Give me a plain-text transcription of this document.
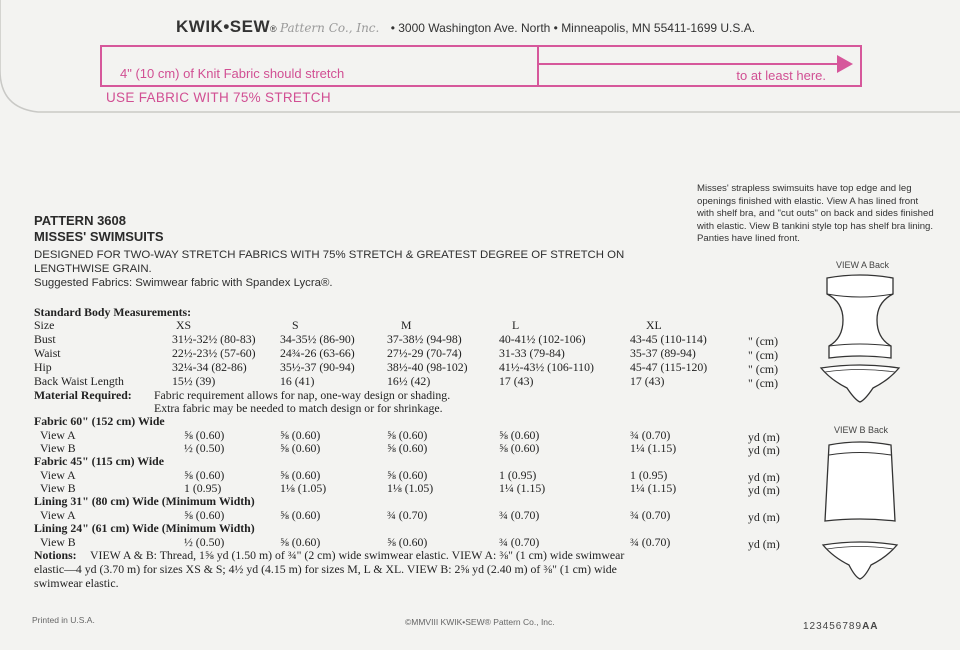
KWIK•SEW® Pattern Co., Inc. • 3000 Washington Ave. North • Minneapolis, MN 55411-1699 U.S.A.
4" (10 cm) of Knit Fabric should stretch	to at least here.
USE FABRIC WITH 75% STRETCH
Misses' strapless swimsuits have top edge and leg openings finished with elastic. View A has lined front with shelf bra, and "cut outs" on back and sides finished with elastic. View B tankini style top has shelf bra lining. Panties have lined front.
PATTERN 3608
MISSES' SWIMSUITS
DESIGNED FOR TWO-WAY STRETCH FABRICS WITH 75% STRETCH & GREATEST DEGREE OF STRETCH ON
LENGTHWISE GRAIN.
Suggested Fabrics: Swimwear fabric with Spandex Lycra®.
Standard Body Measurements:
Size	XS	S	M	L	XL
Bust	31½-32½ (80-83) 34-35½ (86-90)	37-38½ (94-98)	40-41½ (102-106)	43-45 (110-114)	" (cm)
Waist	22½-23½ (57-60) 24¾-26 (63-66)	27½-29 (70-74)	31-33 (79-84)	35-37 (89-94)	" (cm)
Hip	32¼-34 (82-86)	35½-37 (90-94)	38½-40 (98-102)	41½-43½ (106-110)	45-47 (115-120)	" (cm)
Back Waist Length	15½ (39)	16 (41)	16½ (42)	17 (43)	17 (43)	" (cm)
Material Required: Fabric requirement allows for nap, one-way design or shading.
Extra fabric may be needed to match design or for shrinkage.
Fabric 60" (152 cm) Wide
View A	⅝ (0.60)	⅝ (0.60)	⅝ (0.60)	⅝ (0.60)	¾ (0.70)	yd (m)
View B	½ (0.50)	⅝ (0.60)	⅝ (0.60)	⅝ (0.60)	1¼ (1.15)	yd (m)
Fabric 45" (115 cm) Wide
View A	⅝ (0.60)	⅝ (0.60)	⅝ (0.60)	1 (0.95)	1 (0.95)	yd (m)
View B	1 (0.95)	1⅛ (1.05)	1⅛ (1.05)	1¼ (1.15)	1¼ (1.15)	yd (m)
Lining 31" (80 cm) Wide (Minimum Width)
View A	⅝ (0.60)	⅝ (0.60)	¾ (0.70)	¾ (0.70)	¾ (0.70)	yd (m)
Lining 24" (61 cm) Wide (Minimum Width)
View B	½ (0.50)	⅝ (0.60)	⅝ (0.60)	¾ (0.70)	¾ (0.70)	yd (m)
Notions: VIEW A & B: Thread, 1⅝ yd (1.50 m) of ¾" (2 cm) wide swimwear elastic. VIEW A: ⅜" (1 cm) wide swimwear
elastic—4 yd (3.70 m) for sizes XS & S; 4½ yd (4.15 m) for sizes M, L & XL. VIEW B: 2⅝ yd (2.40 m) of ⅜" (1 cm) wide
swimwear elastic.
VIEW A Back
VIEW B Back
Printed in U.S.A.	©MMVIII KWIK•SEW® Pattern Co., Inc.	123456789AA
